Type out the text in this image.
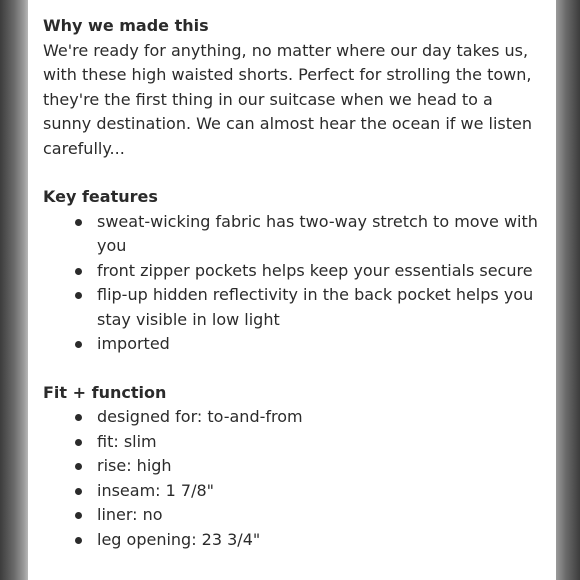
Why we made this

We're ready for anything, no matter where our day takes us, with these high waisted shorts. Perfect for strolling the town, they're the first thing in our suitcase when we head to a sunny destination. We can almost hear the ocean if we listen carefully...

Key features

sweat-wicking fabric has two-way stretch to move with you
front zipper pockets helps keep your essentials secure
flip-up hidden reflectivity in the back pocket helps you stay visible in low light
imported

Fit + function

designed for: to-and-from
fit: slim
rise: high
inseam: 1 7/8"
liner: no
leg opening: 23 3/4"
